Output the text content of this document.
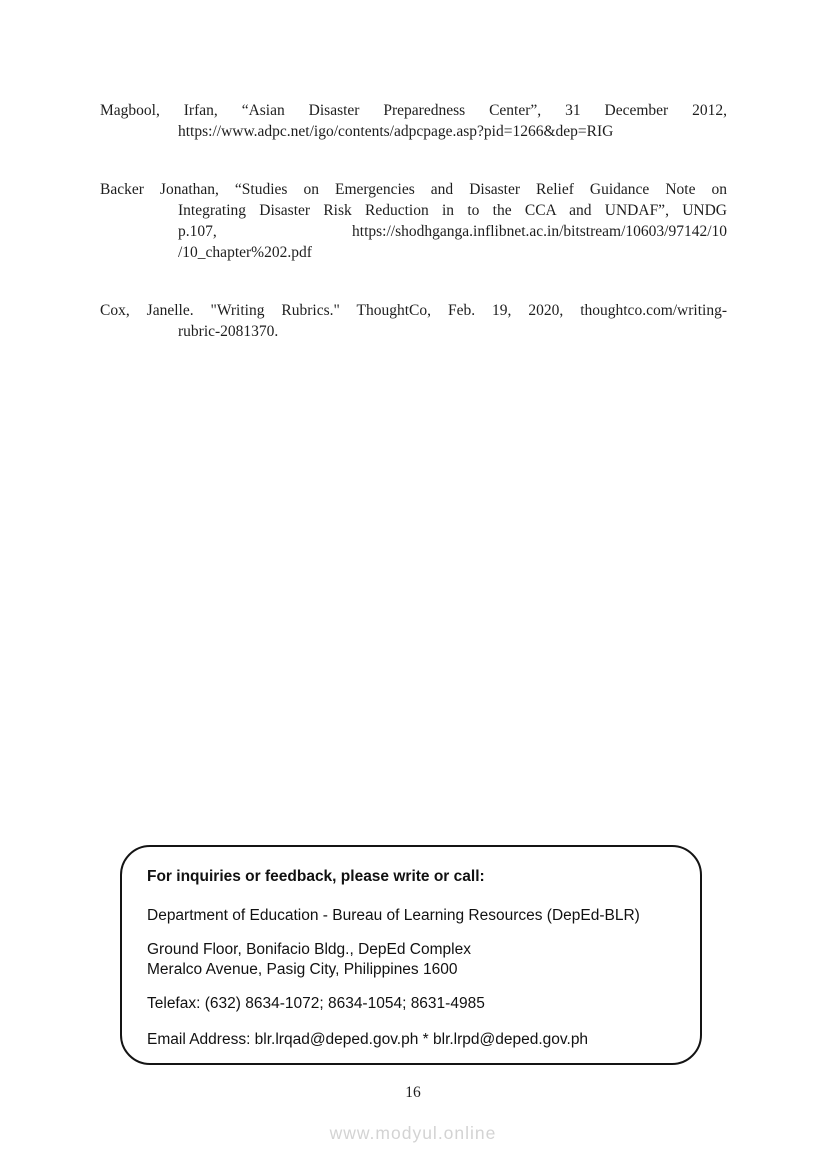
Magbool, Irfan, “Asian Disaster Preparedness Center”, 31 December 2012,
https://www.adpc.net/igo/contents/adpcpage.asp?pid=1266&dep=RIG
Backer Jonathan, “Studies on Emergencies and Disaster Relief Guidance Note on
Integrating Disaster Risk Reduction in to the CCA and UNDAF”, UNDG
p.107, https://shodhganga.inflibnet.ac.in/bitstream/10603/97142/10
/10_chapter%202.pdf
Cox, Janelle. "Writing Rubrics." ThoughtCo, Feb. 19, 2020, thoughtco.com/writing-
rubric-2081370.
For inquiries or feedback, please write or call:
Department of Education - Bureau of Learning Resources (DepEd-BLR)
Ground Floor, Bonifacio Bldg., DepEd Complex
Meralco Avenue, Pasig City, Philippines 1600
Telefax: (632) 8634-1072; 8634-1054; 8631-4985
Email Address: blr.lrqad@deped.gov.ph * blr.lrpd@deped.gov.ph
16
www.modyul.online
